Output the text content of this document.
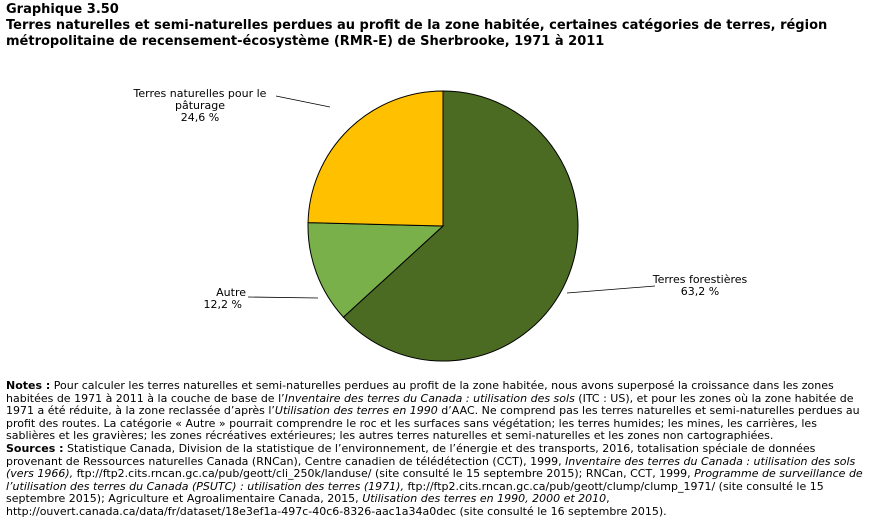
Graphique 3.50

Terres naturelles et semi-naturelles perdues au profit de la zone habitée, certaines catégories de terres, région métropolitaine de recensement-écosystème (RMR-E) de Sherbrooke, 1971 à 2011

Terres forestières 63,2 %
Autre 12,2 %
Terres naturelles pour le pâturage 24,6 %

Notes : Pour calculer les terres naturelles et semi-naturelles perdues au profit de la zone habitée, nous avons superposé la croissance dans les zones habitées de 1971 à 2011 à la couche de base de l’Inventaire des terres du Canada : utilisation des sols (ITC : US), et pour les zones où la zone habitée de 1971 a été réduite, à la zone reclassée d’après l’Utilisation des terres en 1990 d’AAC. Ne comprend pas les terres naturelles et semi-naturelles perdues au profit des routes. La catégorie « Autre » pourrait comprendre le roc et les surfaces sans végétation; les terres humides; les mines, les carrières, les sablières et les gravières; les zones récréatives extérieures; les autres terres naturelles et semi-naturelles et les zones non cartographiées.

Sources : Statistique Canada, Division de la statistique de l’environnement, de l’énergie et des transports, 2016, totalisation spéciale de données provenant de Ressources naturelles Canada (RNCan), Centre canadien de télédétection (CCT), 1999, Inventaire des terres du Canada : utilisation des sols (vers 1966), ftp://ftp2.cits.rncan.gc.ca/pub/geott/cli_250k/landuse/ (site consulté le 15 septembre 2015); RNCan, CCT, 1999, Programme de surveillance de l’utilisation des terres du Canada (PSUTC) : utilisation des terres (1971), ftp://ftp2.cits.rncan.gc.ca/pub/geott/clump/clump_1971/ (site consulté le 15 septembre 2015); Agriculture et Agroalimentaire Canada, 2015, Utilisation des terres en 1990, 2000 et 2010, http://ouvert.canada.ca/data/fr/dataset/18e3ef1a-497c-40c6-8326-aac1a34a0dec (site consulté le 16 septembre 2015).
